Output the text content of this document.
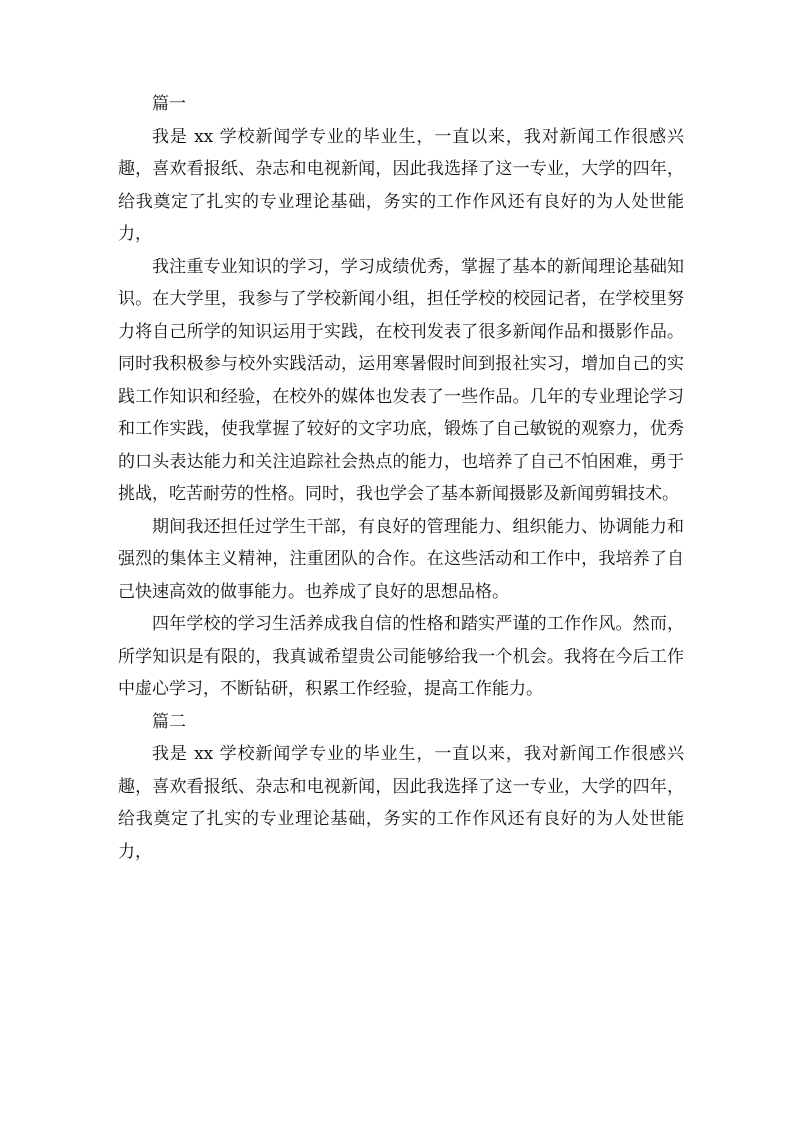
篇一

我是 xx 学校新闻学专业的毕业生，一直以来，我对新闻工作很感兴趣，喜欢看报纸、杂志和电视新闻，因此我选择了这一专业，大学的四年，给我奠定了扎实的专业理论基础，务实的工作作风还有良好的为人处世能力，

我注重专业知识的学习，学习成绩优秀，掌握了基本的新闻理论基础知识。在大学里，我参与了学校新闻小组，担任学校的校园记者，在学校里努力将自己所学的知识运用于实践，在校刊发表了很多新闻作品和摄影作品。同时我积极参与校外实践活动，运用寒暑假时间到报社实习，增加自己的实践工作知识和经验，在校外的媒体也发表了一些作品。几年的专业理论学习和工作实践，使我掌握了较好的文字功底，锻炼了自己敏锐的观察力，优秀的口头表达能力和关注追踪社会热点的能力，也培养了自己不怕困难，勇于挑战，吃苦耐劳的性格。同时，我也学会了基本新闻摄影及新闻剪辑技术。

期间我还担任过学生干部，有良好的管理能力、组织能力、协调能力和强烈的集体主义精神，注重团队的合作。在这些活动和工作中，我培养了自己快速高效的做事能力。也养成了良好的思想品格。

四年学校的学习生活养成我自信的性格和踏实严谨的工作作风。然而，所学知识是有限的，我真诚希望贵公司能够给我一个机会。我将在今后工作中虚心学习，不断钻研，积累工作经验，提高工作能力。

篇二

我是 xx 学校新闻学专业的毕业生，一直以来，我对新闻工作很感兴趣，喜欢看报纸、杂志和电视新闻，因此我选择了这一专业，大学的四年，给我奠定了扎实的专业理论基础，务实的工作作风还有良好的为人处世能力，
